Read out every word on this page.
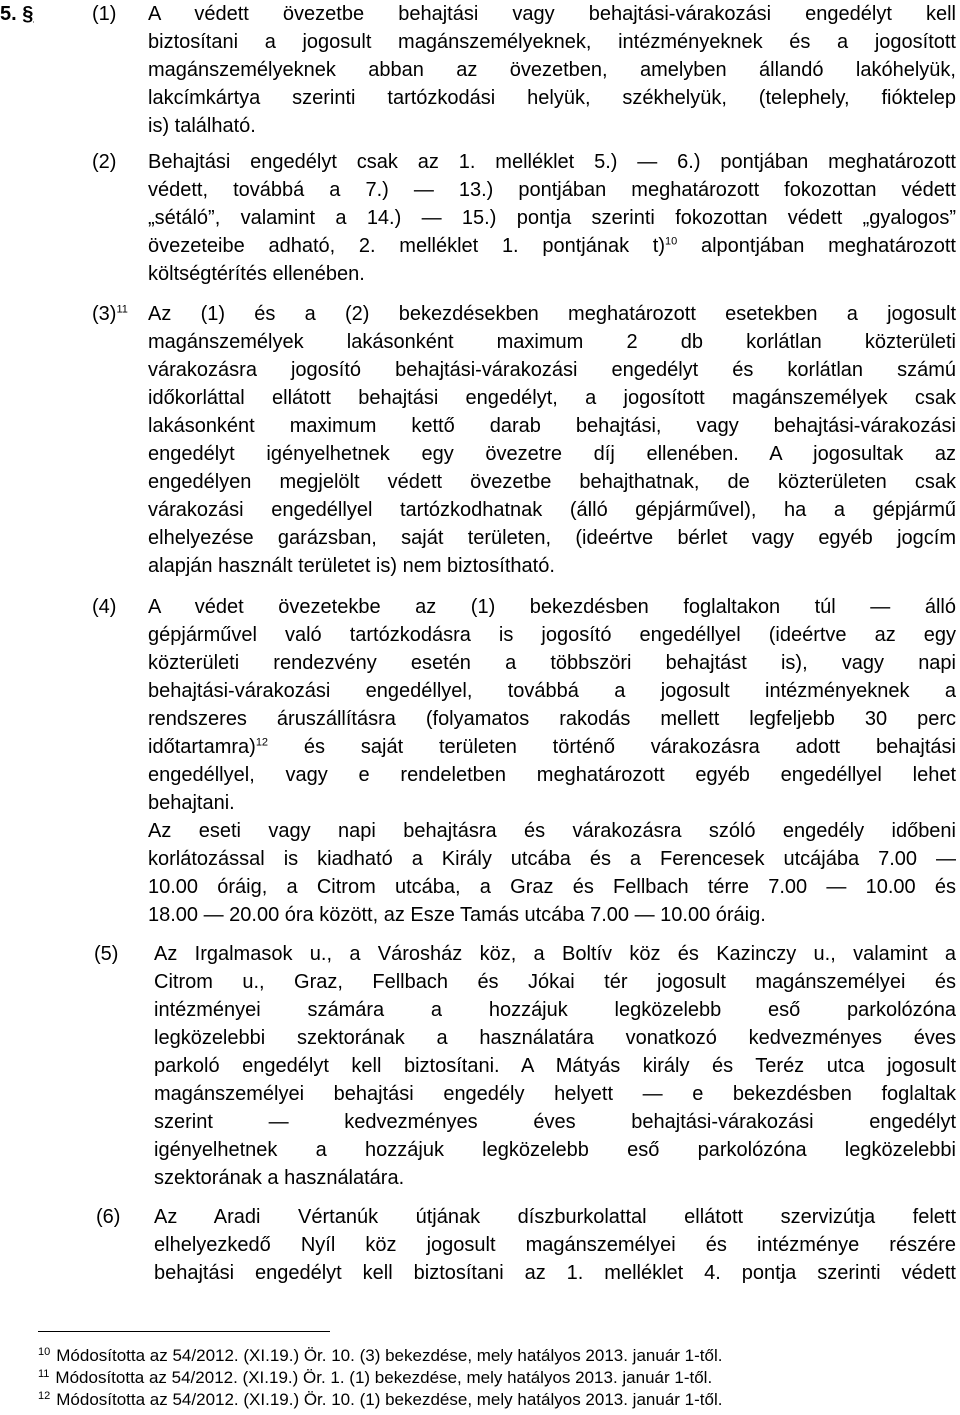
5. §	(1) A védett övezetbe behajtási vagy behajtási-várakozási engedélyt kell
biztosítani a jogosult magánszemélyeknek, intézményeknek és a jogosított
magánszemélyeknek abban az övezetben, amelyben állandó lakóhelyük,
lakcímkártya szerinti tartózkodási helyük, székhelyük, (telephely, fióktelep
is) található.
(2) Behajtási engedélyt csak az 1. melléklet 5.) — 6.) pontjában meghatározott
védett, továbbá a 7.) — 13.) pontjában meghatározott fokozottan védett
„sétáló”, valamint a 14.) — 15.) pontja szerinti fokozottan védett „gyalogos”
övezeteibe adható, 2. melléklet 1. pontjának t)$^{10}$ alpontjában meghatározott
költségtérítés ellenében.
$(3)^{11}$ Az (1) és a (2) bekezdésekben meghatározott esetekben a jogosult
magánszemélyek lakásonként maximum 2 db korlátlan közterületi
várakozásra jogosító behajtási-várakozási engedélyt és korlátlan számú
időkorláttal ellátott behajtási engedélyt, a jogosított magánszemélyek csak
lakásonként maximum kettő darab behajtási, vagy behajtási-várakozási
engedélyt igényelhetnek egy övezetre díj ellenében. A jogosultak az
engedélyen megjelölt védett övezetbe behajthatnak, de közterületen csak
várakozási engedéllyel tartózkodhatnak (álló gépjárművel), ha a gépjármű
elhelyezése garázsban, saját területen, (ideértve bérlet vagy egyéb jogcím
alapján használt területet is) nem biztosítható.
(4) A védet övezetekbe az (1) bekezdésben foglaltakon túl — álló
gépjárművel való tartózkodásra is jogosító engedéllyel (ideértve az egy
közterületi rendezvény esetén a többszöri behajtást is), vagy napi
behajtási-várakozási engedéllyel, továbbá a jogosult intézményeknek a
rendszeres áruszállításra (folyamatos rakodás mellett legfeljebb 30 perc
időtartamra)$^{12}$ és saját területen történő várakozásra adott behajtási
engedéllyel, vagy e rendeletben meghatározott egyéb engedéllyel lehet
behajtani.
Az eseti vagy napi behajtásra és várakozásra szóló engedély időbeni
korlátozással is kiadható a Király utcába és a Ferencesek utcájába 7.00 —
10.00 óráig, a Citrom utcába, a Graz és Fellbach térre 7.00 — 10.00 és
18.00 — 20.00 óra között, az Esze Tamás utcába 7.00 — 10.00 óráig.
(5) Az Irgalmasok u., a Városház köz, a Boltív köz és Kazinczy u., valamint a
Citrom u., Graz, Fellbach és Jókai tér jogosult magánszemélyei és
intézményei számára a hozzájuk legközelebb eső parkolózóna
legközelebbi szektorának a használatára vonatkozó kedvezményes éves
parkoló engedélyt kell biztosítani. A Mátyás király és Teréz utca jogosult
magánszemélyei behajtási engedély helyett — e bekezdésben foglaltak
szerint — kedvezményes éves behajtási-várakozási engedélyt
igényelhetnek a hozzájuk legközelebb eső parkolózóna legközelebbi
szektorának a használatára.
(6) Az Aradi Vértanúk útjának díszburkolattal ellátott szervizútja felett
elhelyezkedő Nyíl köz jogosult magánszemélyei és intézménye részére
behajtási engedélyt kell biztosítani az 1. melléklet 4. pontja szerinti védett
$^{10}$ Módosította az 54/2012. (XI.19.) Ör. 10. (3) bekezdése, mely hatályos 2013. január 1-től.
$^{11}$ Módosította az 54/2012. (XI.19.) Ör. 1. (1) bekezdése, mely hatályos 2013. január 1-től.
$^{12}$ Módosította az 54/2012. (XI.19.) Ör. 10. (1) bekezdése, mely hatályos 2013. január 1-től.
